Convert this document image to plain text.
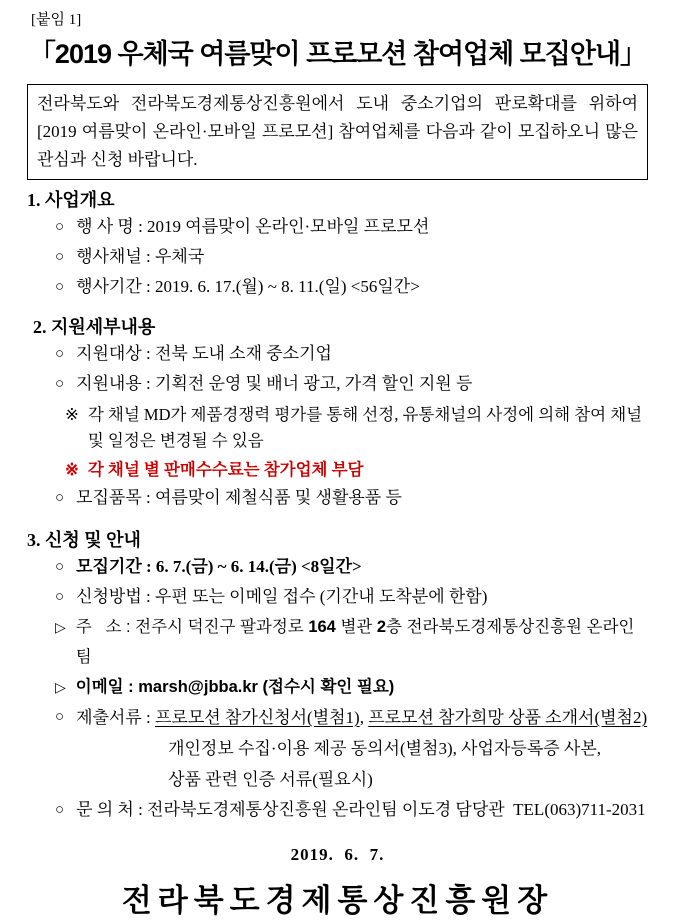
[붙임 1]
「2019 우체국 여름맞이 프로모션 참여업체 모집안내」
전라북도와 전라북도경제통상진흥원에서 도내 중소기업의 판로확대를 위하여 [2019 여름맞이 온라인·모바일 프로모션] 참여업체를 다음과 같이 모집하오니 많은 관심과 신청 바랍니다.
1. 사업개요
○ 행 사 명 : 2019 여름맞이 온라인·모바일 프로모션
○ 행사채널 : 우체국
○ 행사기간 : 2019. 6. 17.(월) ~ 8. 11.(일) <56일간>
2. 지원세부내용
○ 지원대상 : 전북 도내 소재 중소기업
○ 지원내용 : 기획전 운영 및 배너 광고, 가격 할인 지원 등
※ 각 채널 MD가 제품경쟁력 평가를 통해 선정, 유통채널의 사정에 의해 참여 채널
및 일정은 변경될 수 있음
※ 각 채널 별 판매수수료는 참가업체 부담
○ 모집품목 : 여름맞이 제철식품 및 생활용품 등
3. 신청 및 안내
○ 모집기간 : 6. 7.(금) ~ 6. 14.(금) <8일간>
○ 신청방법 : 우편 또는 이메일 접수 (기간내 도착분에 한함)
▷ 주   소 : 전주시 덕진구 팔과정로 164 별관 2층 전라북도경제통상진흥원 온라인팀
▷ 이메일 : marsh@jbba.kr (접수시 확인 필요)
○ 제출서류 : 프로모션 참가신청서(별첨1), 프로모션 참가희망 상품 소개서(별첨2)
개인정보 수집·이용 제공 동의서(별첨3), 사업자등록증 사본,
상품 관련 인증 서류(필요시)
○ 문 의 처 : 전라북도경제통상진흥원 온라인팀 이도경 담당관  TEL(063)711-2031
2019.  6.  7.
전라북도경제통상진흥원장
